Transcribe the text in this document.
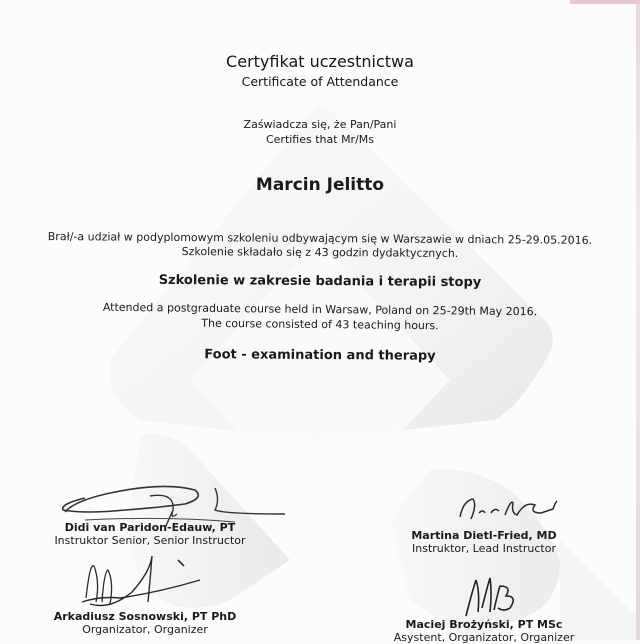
Certyfikat uczestnictwa
Certificate of Attendance
Zaświadcza się, że Pan/Pani
Certifies that Mr/Ms
Marcin Jelitto
Brał/-a udział w podyplomowym szkoleniu odbywającym się w Warszawie w dniach 25-29.05.2016.
Szkolenie składało się z 43 godzin dydaktycznych.
Szkolenie w zakresie badania i terapii stopy
Attended a postgraduate course held in Warsaw, Poland on 25-29th May 2016.
The course consisted of 43 teaching hours.
Foot - examination and therapy
Didi van Paridon-Edauw, PT
Instruktor Senior, Senior Instructor	Martina Dietl-Fried, MD
Instruktor, Lead Instructor
Arkadiusz Sosnowski, PT PhD
Organizator, Organizer	Maciej Brożyński, PT MSc
Asystent, Organizator, Organizer
